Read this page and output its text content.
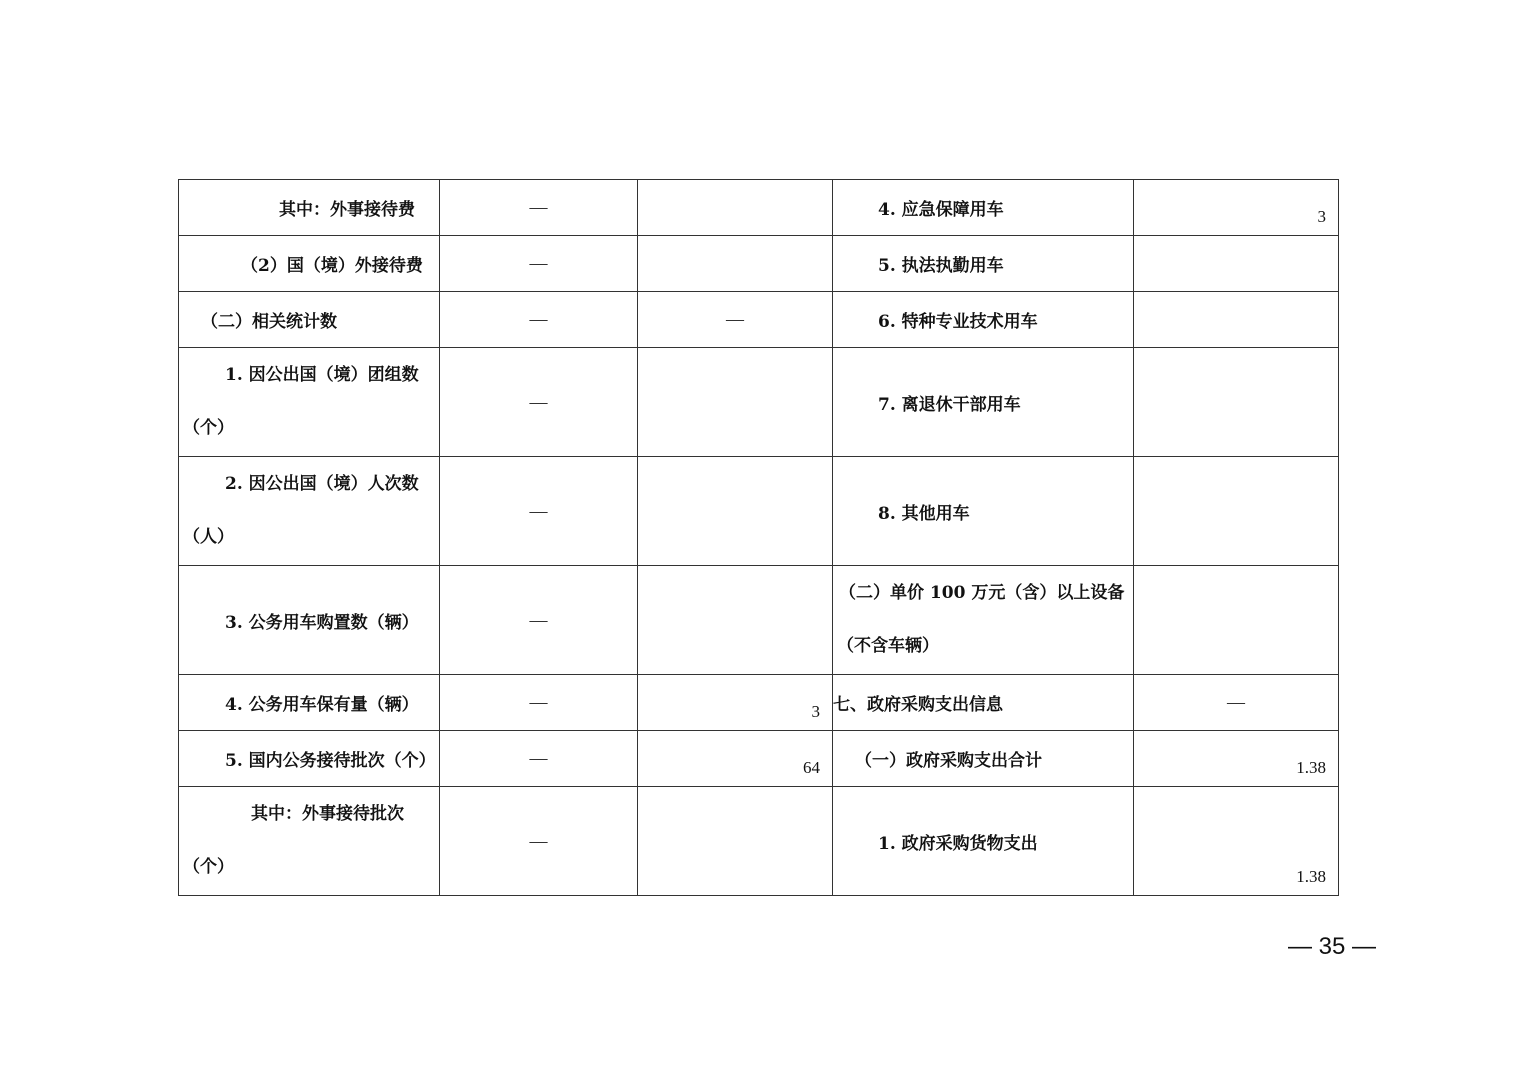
其中：外事接待费	—		4. 应急保障用车	3

（2）国（境）外接待费	—		5. 执法执勤用车	

（二）相关统计数	—	—	6. 特种专业技术用车	

1. 因公出国（境）团组数
（个）	—		7. 离退休干部用车	

2. 因公出国（境）人次数
（人）	—		8. 其他用车	

3. 公务用车购置数（辆）	—		（二）单价 100 万元（含）以上设备
（不含车辆）	

4. 公务用车保有量（辆）	—	3	七、政府采购支出信息	—
5. 国内公务接待批次（个）	—	64	（一）政府采购支出合计	1.38

其中：外事接待批次
（个）	—		1. 政府采购货物支出	1.38
— 35 —
